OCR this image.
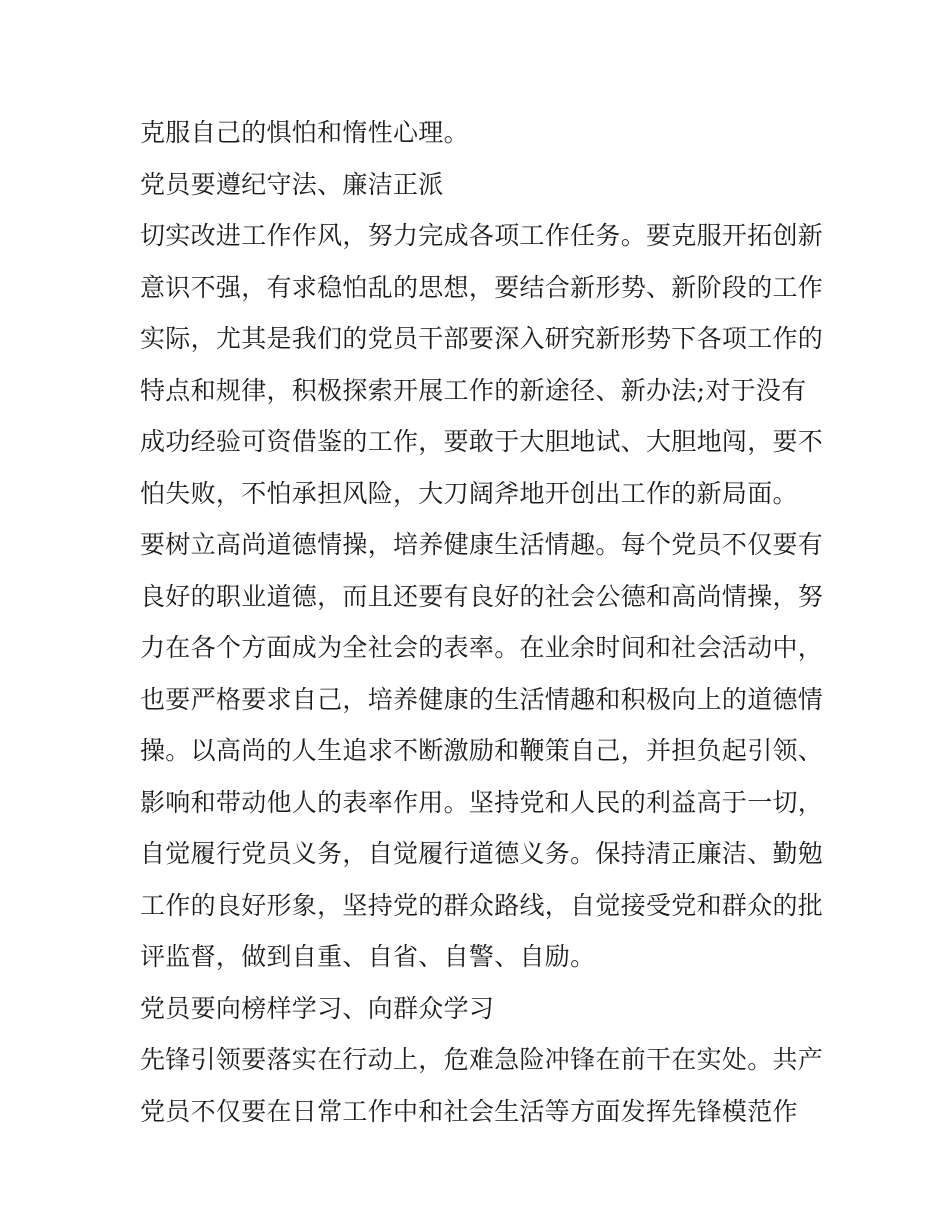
克服自己的惧怕和惰性心理。
党员要遵纪守法、廉洁正派
切实改进工作作风，努力完成各项工作任务。要克服开拓创新
意识不强，有求稳怕乱的思想，要结合新形势、新阶段的工作
实际，尤其是我们的党员干部要深入研究新形势下各项工作的
特点和规律，积极探索开展工作的新途径、新办法;对于没有
成功经验可资借鉴的工作，要敢于大胆地试、大胆地闯，要不
怕失败，不怕承担风险，大刀阔斧地开创出工作的新局面。
要树立高尚道德情操，培养健康生活情趣。每个党员不仅要有
良好的职业道德，而且还要有良好的社会公德和高尚情操，努
力在各个方面成为全社会的表率。在业余时间和社会活动中，
也要严格要求自己，培养健康的生活情趣和积极向上的道德情
操。以高尚的人生追求不断激励和鞭策自己，并担负起引领、
影响和带动他人的表率作用。坚持党和人民的利益高于一切，
自觉履行党员义务，自觉履行道德义务。保持清正廉洁、勤勉
工作的良好形象，坚持党的群众路线，自觉接受党和群众的批
评监督，做到自重、自省、自警、自励。
党员要向榜样学习、向群众学习
先锋引领要落实在行动上，危难急险冲锋在前干在实处。共产
党员不仅要在日常工作中和社会生活等方面发挥先锋模范作
